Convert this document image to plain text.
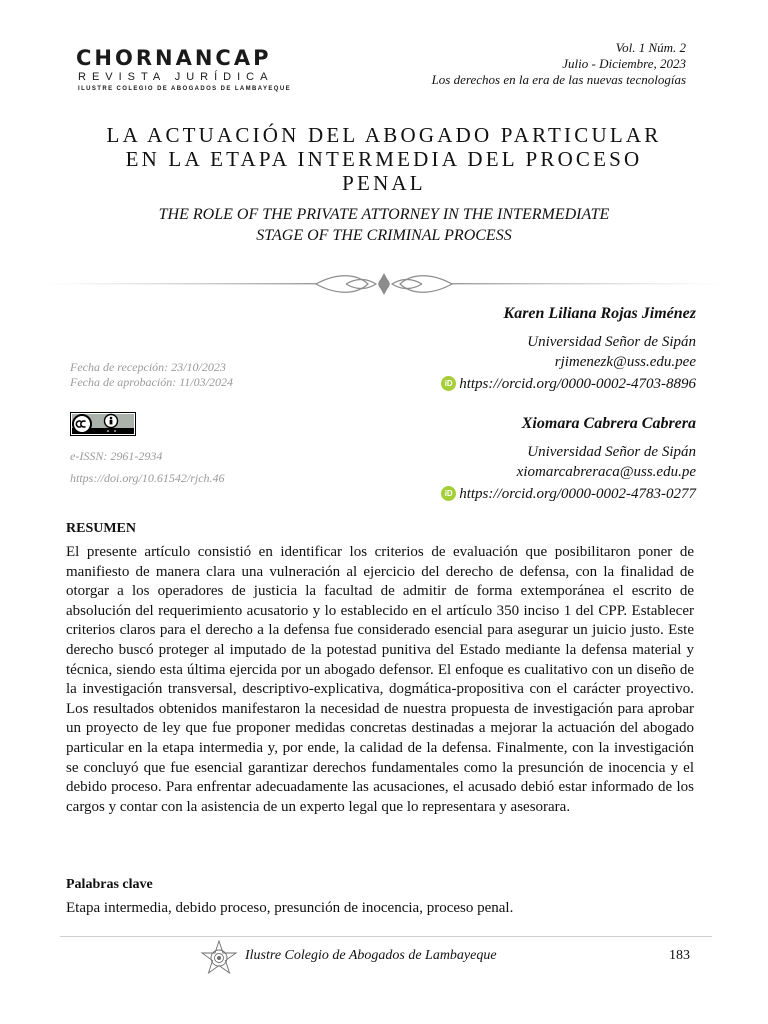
CHORNANCAP
REVISTA JURÍDICA
ILUSTRE COLEGIO DE ABOGADOS DE LAMBAYEQUE
Vol. 1 Núm. 2
Julio - Diciembre, 2023
Los derechos en la era de las nuevas tecnologías
LA ACTUACIÓN DEL ABOGADO PARTICULAR
EN LA ETAPA INTERMEDIA DEL PROCESO
PENAL
THE ROLE OF THE PRIVATE ATTORNEY IN THE INTERMEDIATE
STAGE OF THE CRIMINAL PROCESS
Karen Liliana Rojas Jiménez
Universidad Señor de Sipán
rjimenezk@uss.edu.pee
iD https://orcid.org/0000-0002-4703-8896
Xiomara Cabrera Cabrera
Universidad Señor de Sipán
xiomarcabreraca@uss.edu.pe
iD https://orcid.org/0000-0002-4783-0277
Fecha de recepción: 23/10/2023
Fecha de aprobación: 11/03/2024
e-ISSN: 2961-2934
https://doi.org/10.61542/rjch.46
RESUMEN

El presente artículo consistió en identificar los criterios de evaluación que posibilitaron poner de manifiesto de manera clara una vulneración al ejercicio del derecho de defensa, con la finalidad de otorgar a los operadores de justicia la facultad de admitir de forma extemporánea el escrito de absolución del requerimiento acusatorio y lo establecido en el artículo 350 inciso 1 del CPP. Establecer criterios claros para el derecho a la defensa fue considerado esencial para asegurar un juicio justo. Este derecho buscó proteger al imputado de la potestad punitiva del Estado mediante la defensa material y técnica, siendo esta última ejercida por un abogado defensor. El enfoque es cualitativo con un diseño de la investigación transversal, descriptivo-explicativa, dogmática-propositiva con el carácter proyectivo. Los resultados obtenidos manifestaron la necesidad de nuestra propuesta de investigación para aprobar un proyecto de ley que fue proponer medidas concretas destinadas a mejorar la actuación del abogado particular en la etapa intermedia y, por ende, la calidad de la defensa. Finalmente, con la investigación se concluyó que fue esencial garantizar derechos fundamentales como la presunción de inocencia y el debido proceso. Para enfrentar adecuadamente las acusaciones, el acusado debió estar informado de los cargos y contar con la asistencia de un experto legal que lo representara y asesorara.

Palabras clave
Etapa intermedia, debido proceso, presunción de inocencia, proceso penal.
Ilustre Colegio de Abogados de Lambayeque	183
